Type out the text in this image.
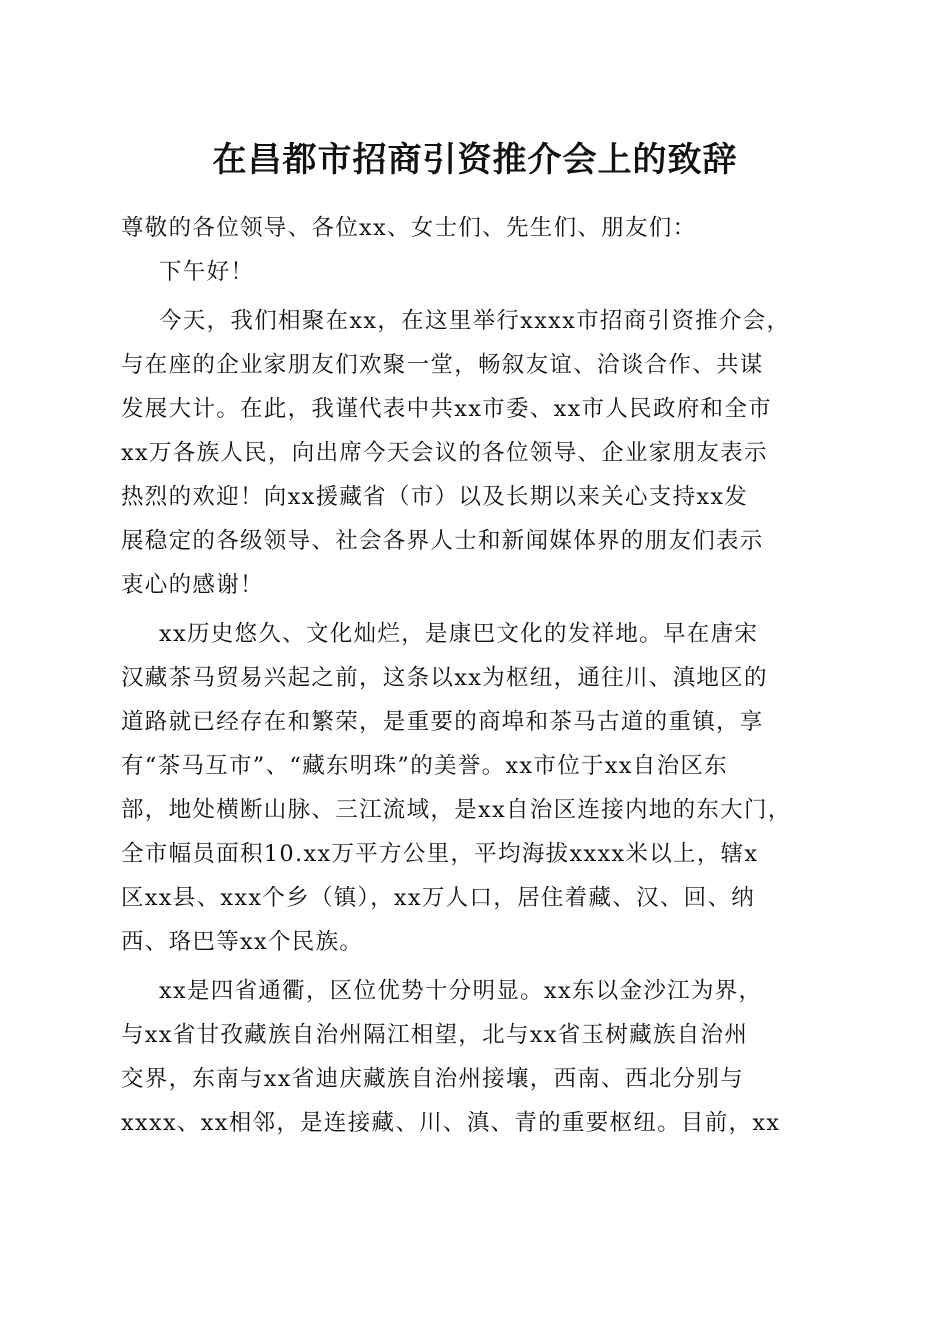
在昌都市招商引资推介会上的致辞
尊敬的各位领导、各位xx、女士们、先生们、朋友们：
下午好！
今天，我们相聚在xx，在这里举行xxxx市招商引资推介会，
与在座的企业家朋友们欢聚一堂，畅叙友谊、洽谈合作、共谋
发展大计。在此，我谨代表中共xx市委、xx市人民政府和全市
xx万各族人民，向出席今天会议的各位领导、企业家朋友表示
热烈的欢迎！向xx援藏省（市）以及长期以来关心支持xx发
展稳定的各级领导、社会各界人士和新闻媒体界的朋友们表示
衷心的感谢！
xx历史悠久、文化灿烂，是康巴文化的发祥地。早在唐宋
汉藏茶马贸易兴起之前，这条以xx为枢纽，通往川、滇地区的
道路就已经存在和繁荣，是重要的商埠和茶马古道的重镇，享
有“茶马互市”、“藏东明珠”的美誉。xx市位于xx自治区东
部，地处横断山脉、三江流域，是xx自治区连接内地的东大门，
全市幅员面积10.xx万平方公里，平均海拔xxxx米以上，辖x
区xx县、xxx个乡（镇），xx万人口，居住着藏、汉、回、纳
西、珞巴等xx个民族。
xx是四省通衢，区位优势十分明显。xx东以金沙江为界，
与xx省甘孜藏族自治州隔江相望，北与xx省玉树藏族自治州
交界，东南与xx省迪庆藏族自治州接壤，西南、西北分别与
xxxx、xx相邻，是连接藏、川、滇、青的重要枢纽。目前，xx
